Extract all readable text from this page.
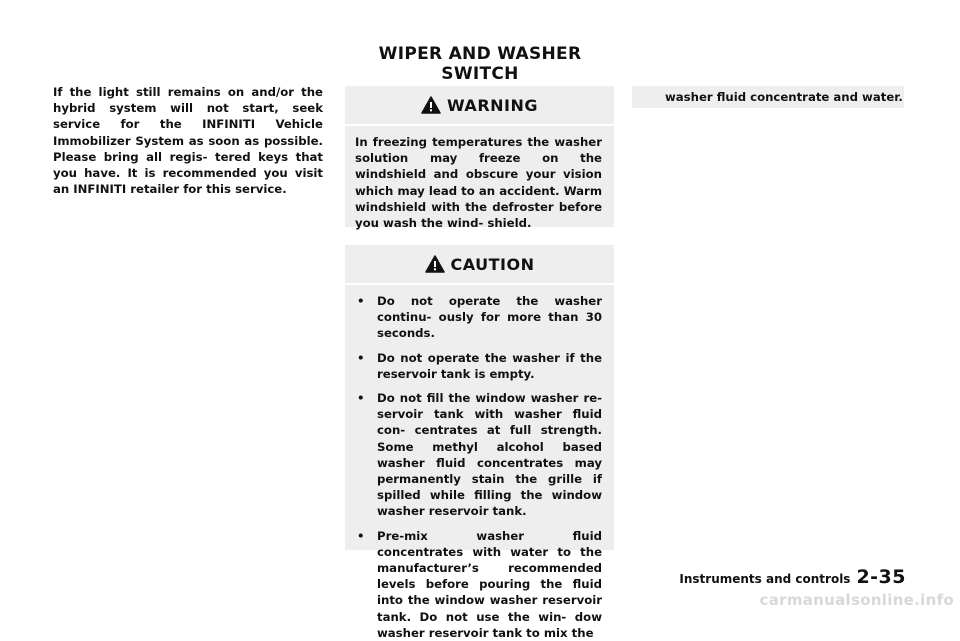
WIPER AND WASHER SWITCH
If the light still remains on and/or the hybrid system will not start, seek service for the INFINITI Vehicle Immobilizer System as soon as possible. Please bring all regis- tered keys that you have. It is recommended you visit an INFINITI retailer for this service.
WARNING
In freezing temperatures the washer solution may freeze on the windshield and obscure your vision which may lead to an accident. Warm windshield with the defroster before you wash the wind- shield.
CAUTION
• Do not operate the washer continu- ously for more than 30 seconds.
• Do not operate the washer if the reservoir tank is empty.
• Do not fill the window washer re- servoir tank with washer fluid con- centrates at full strength. Some methyl alcohol based washer fluid concentrates may permanently stain the grille if spilled while filling the window washer reservoir tank.
• Pre-mix washer fluid concentrates with water to the manufacturer’s recommended levels before pouring the fluid into the window washer reservoir tank. Do not use the win- dow washer reservoir tank to mix the
washer fluid concentrate and water.
Instruments and controls 2-35
carmanualsonline.info
